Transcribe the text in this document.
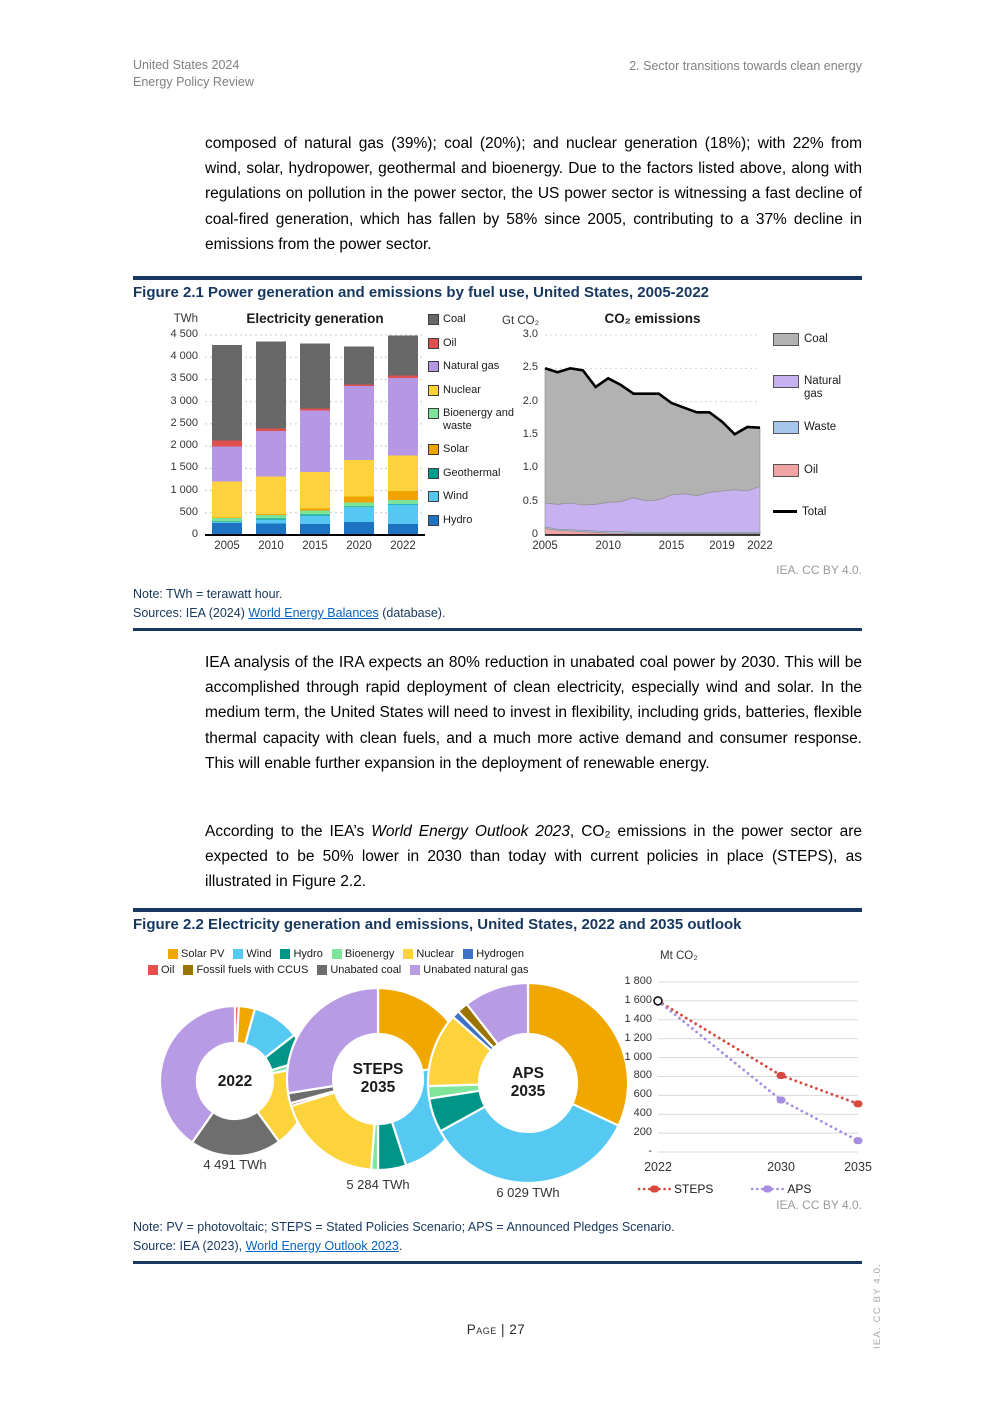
United States 2024
Energy Policy Review
2. Sector transitions towards clean energy

composed of natural gas (39%); coal (20%); and nuclear generation (18%); with 22% from wind, solar, hydropower, geothermal and bioenergy. Due to the factors listed above, along with regulations on pollution in the power sector, the US power sector is witnessing a fast decline of coal-fired generation, which has fallen by 58% since 2005, contributing to a 37% decline in emissions from the power sector.

Figure 2.1 Power generation and emissions by fuel use, United States, 2005-2022
TWh	Electricity generation
0
500
1 000
1 500
2 000
2 500
3 000
3 500
4 000
4 500
2005	2010	2015	2020	2022
Coal
Oil
Natural gas
Nuclear
Bioenergy and waste
Solar
Geothermal
Wind
Hydro
Gt CO₂	CO₂ emissions
0
0.5
1.0
1.5
2.0
2.5
3.0
2005	2010	2015	2019	2022
Coal
Natural gas
Waste
Oil
Total
IEA. CC BY 4.0.
Note: TWh = terawatt hour.
Sources: IEA (2024) World Energy Balances (database).

IEA analysis of the IRA expects an 80% reduction in unabated coal power by 2030. This will be accomplished through rapid deployment of clean electricity, especially wind and solar. In the medium term, the United States will need to invest in flexibility, including grids, batteries, flexible thermal capacity with clean fuels, and a much more active demand and consumer response. This will enable further expansion in the deployment of renewable energy.

According to the IEA’s World Energy Outlook 2023, CO₂ emissions in the power sector are expected to be 50% lower in 2030 than today with current policies in place (STEPS), as illustrated in Figure 2.2.

Figure 2.2 Electricity generation and emissions, United States, 2022 and 2035 outlook
Solar PV Wind Hydro Bioenergy Nuclear Hydrogen
Oil Fossil fuels with CCUS Unabated coal Unabated natural gas
2022
4 491 TWh
STEPS
2035
5 284 TWh
APS
2035
6 029 TWh
Mt CO₂
-
200
400
600
800
1 000
1 200
1 400
1 600
1 800
2022	2030	2035
STEPS	APS
IEA. CC BY 4.0.
Note: PV = photovoltaic; STEPS = Stated Policies Scenario; APS = Announced Pledges Scenario.
Source: IEA (2023), World Energy Outlook 2023.
Page | 27	IEA. CC BY 4.0.
